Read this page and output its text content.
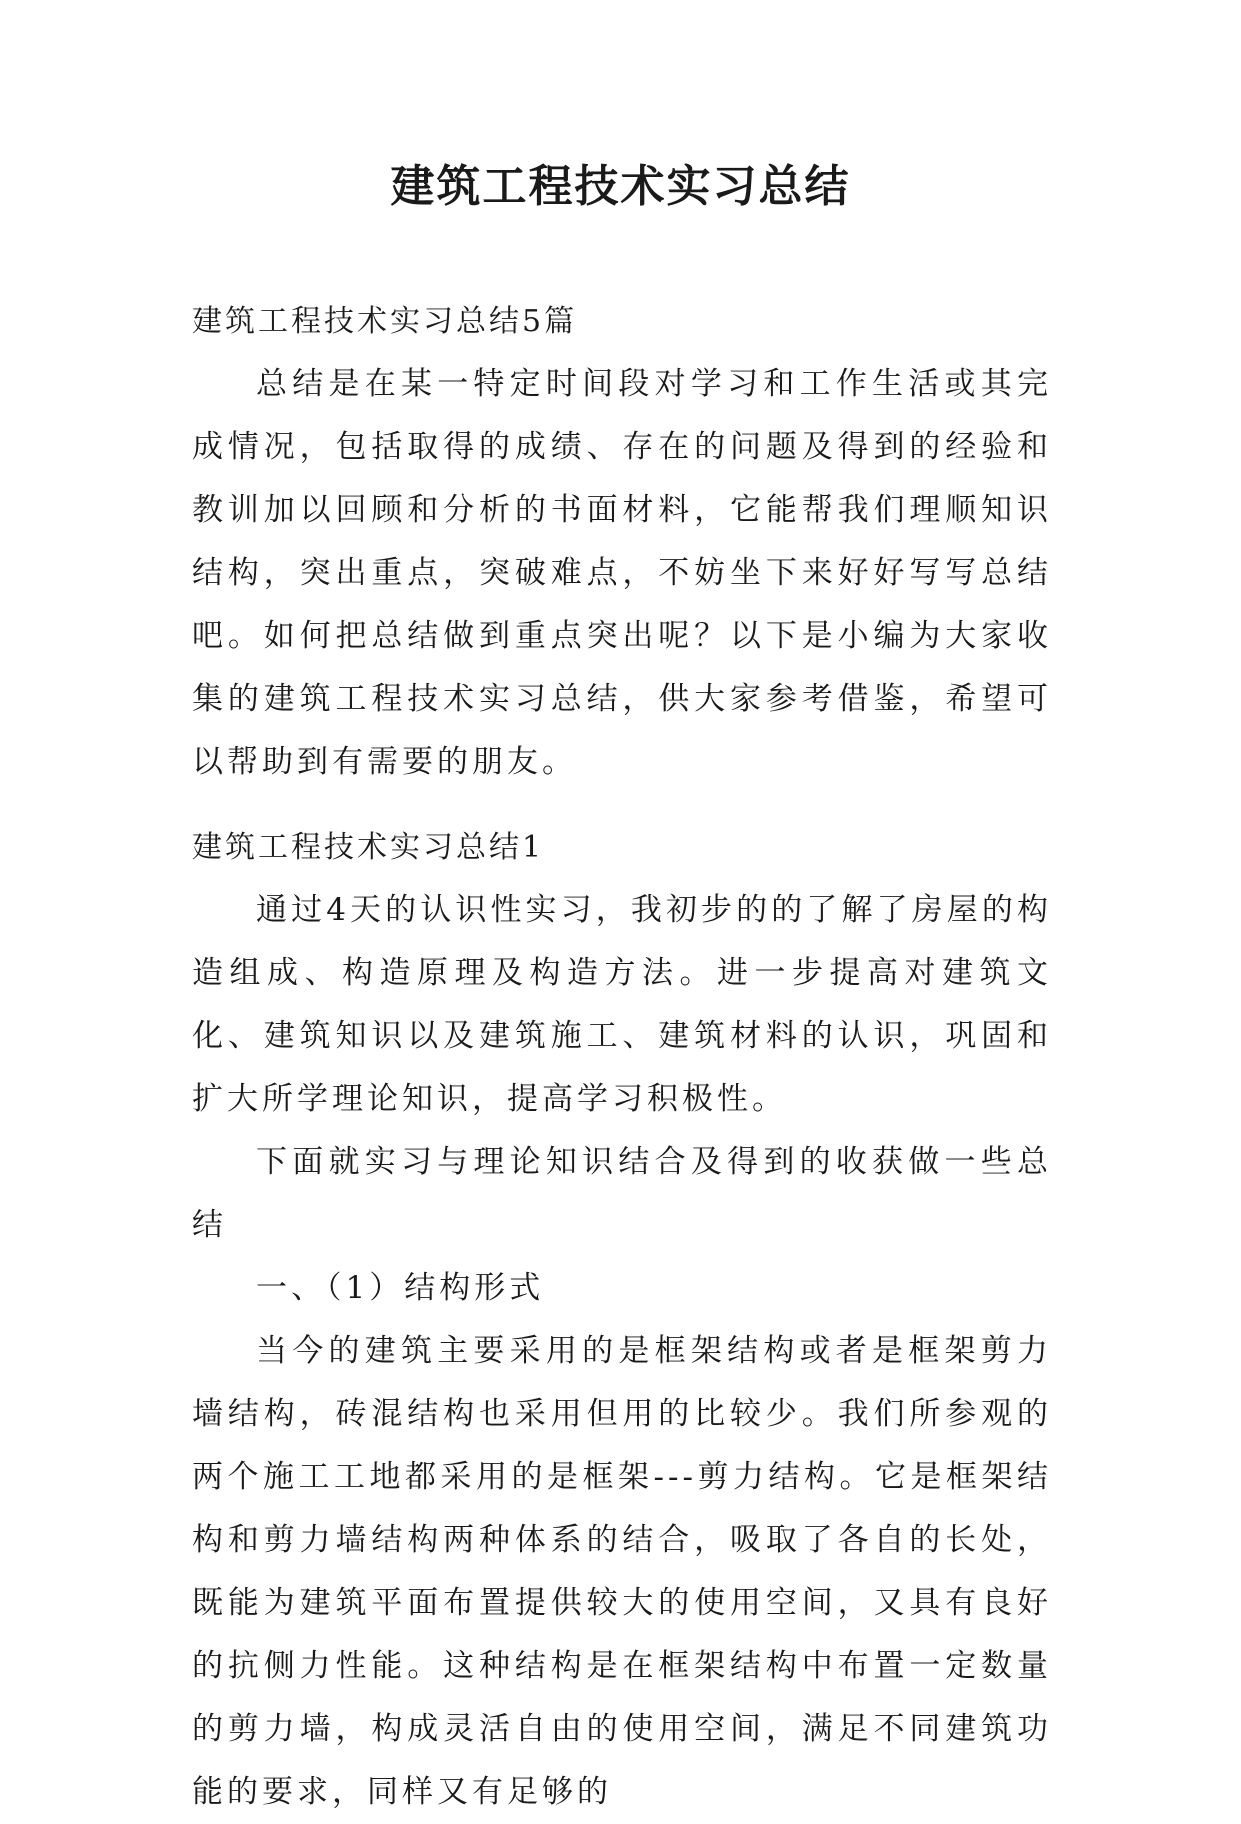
建筑工程技术实习总结

建筑工程技术实习总结5篇

总结是在某一特定时间段对学习和工作生活或其完成情况，包括取得的成绩、存在的问题及得到的经验和教训加以回顾和分析的书面材料，它能帮我们理顺知识结构，突出重点，突破难点，不妨坐下来好好写写总结吧。如何把总结做到重点突出呢？以下是小编为大家收集的建筑工程技术实习总结，供大家参考借鉴，希望可以帮助到有需要的朋友。

建筑工程技术实习总结1

通过4天的认识性实习，我初步的的了解了房屋的构造组成、构造原理及构造方法。进一步提高对建筑文化、建筑知识以及建筑施工、建筑材料的认识，巩固和扩大所学理论知识，提高学习积极性。

下面就实习与理论知识结合及得到的收获做一些总结

一、（1）结构形式

当今的建筑主要采用的是框架结构或者是框架剪力墙结构，砖混结构也采用但用的比较少。我们所参观的两个施工工地都采用的是框架---剪力结构。它是框架结构和剪力墙结构两种体系的结合，吸取了各自的长处，既能为建筑平面布置提供较大的使用空间，又具有良好的抗侧力性能。这种结构是在框架结构中布置一定数量的剪力墙，构成灵活自由的使用空间，满足不同建筑功能的要求，同样又有足够的
